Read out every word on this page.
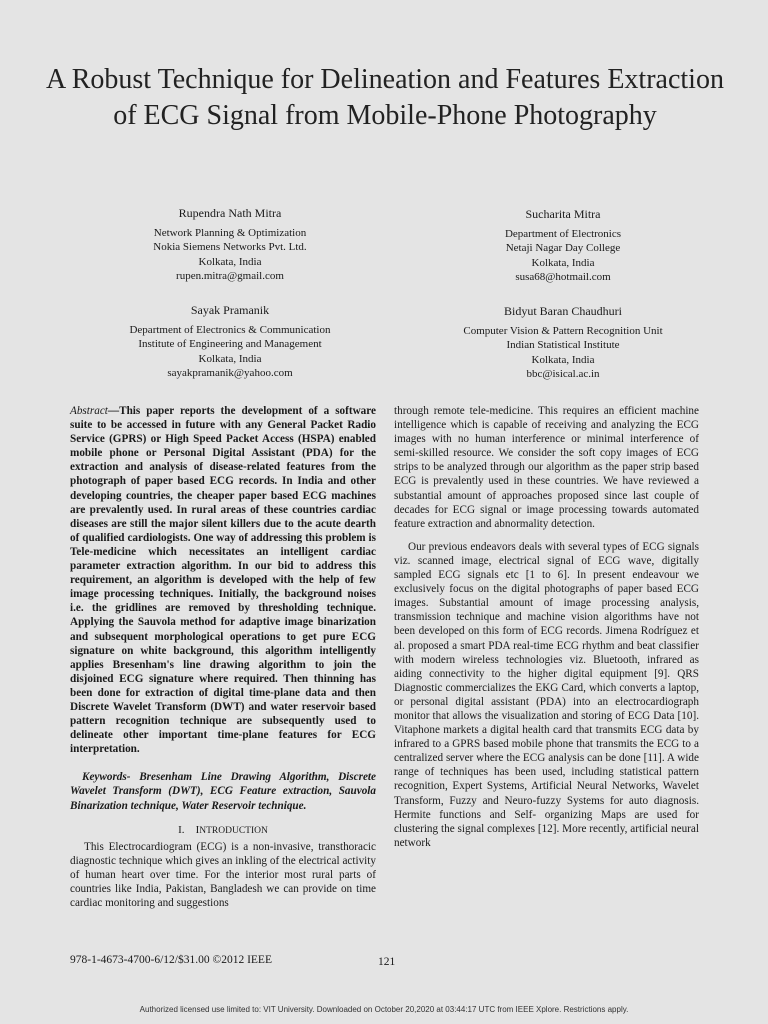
A Robust Technique for Delineation and Features Extraction of ECG Signal from Mobile-Phone Photography
Rupendra Nath Mitra
Network Planning & Optimization
Nokia Siemens Networks Pvt. Ltd.
Kolkata, India
rupen.mitra@gmail.com
Sucharita Mitra
Department of Electronics
Netaji Nagar Day College
Kolkata, India
susa68@hotmail.com
Sayak Pramanik
Department of Electronics & Communication
Institute of Engineering and Management
Kolkata, India
sayakpramanik@yahoo.com
Bidyut Baran Chaudhuri
Computer Vision & Pattern Recognition Unit
Indian Statistical Institute
Kolkata, India
bbc@isical.ac.in

Abstract—This paper reports the development of a software suite to be accessed in future with any General Packet Radio Service (GPRS) or High Speed Packet Access (HSPA) enabled mobile phone or Personal Digital Assistant (PDA) for the extraction and analysis of disease-related features from the photograph of paper based ECG records. In India and other developing countries, the cheaper paper based ECG machines are prevalently used. In rural areas of these countries cardiac diseases are still the major silent killers due to the acute dearth of qualified cardiologists. One way of addressing this problem is Tele-medicine which necessitates an intelligent cardiac parameter extraction algorithm. In our bid to address this requirement, an algorithm is developed with the help of few image processing techniques. Initially, the background noises i.e. the gridlines are removed by thresholding technique. Applying the Sauvola method for adaptive image binarization and subsequent morphological operations to get pure ECG signature on white background, this algorithm intelligently applies Bresenham's line drawing algorithm to join the disjoined ECG signature where required. Then thinning has been done for extraction of digital time-plane data and then Discrete Wavelet Transform (DWT) and water reservoir based pattern recognition technique are subsequently used to delineate other important time-plane features for ECG interpretation.

Keywords- Bresenham Line Drawing Algorithm, Discrete Wavelet Transform (DWT), ECG Feature extraction, Sauvola Binarization technique, Water Reservoir technique.

I.  INTRODUCTION

This Electrocardiogram (ECG) is a non-invasive, transthoracic diagnostic technique which gives an inkling of the electrical activity of human heart over time. For the interior most rural parts of countries like India, Pakistan, Bangladesh we can provide on time cardiac monitoring and suggestions

through remote tele-medicine. This requires an efficient machine intelligence which is capable of receiving and analyzing the ECG images with no human interference or minimal interference of semi-skilled resource. We consider the soft copy images of ECG strips to be analyzed through our algorithm as the paper strip based ECG is prevalently used in these countries. We have reviewed a substantial amount of approaches proposed since last couple of decades for ECG signal or image processing towards automated feature extraction and abnormality detection.

Our previous endeavors deals with several types of ECG signals viz. scanned image, electrical signal of ECG wave, digitally sampled ECG signals etc [1 to 6]. In present endeavour we exclusively focus on the digital photographs of paper based ECG images. Substantial amount of image processing analysis, transmission technique and machine vision algorithms have not been developed on this form of ECG records. Jimena Rodríguez et al. proposed a smart PDA real-time ECG rhythm and beat classifier with modern wireless technologies viz. Bluetooth, infrared as aiding connectivity to the higher digital equipment [9]. QRS Diagnostic commercializes the EKG Card, which converts a laptop, or personal digital assistant (PDA) into an electrocardiograph monitor that allows the visualization and storing of ECG Data [10]. Vitaphone markets a digital health card that transmits ECG data by infrared to a GPRS based mobile phone that transmits the ECG to a centralized server where the ECG analysis can be done [11]. A wide range of techniques has been used, including statistical pattern recognition, Expert Systems, Artificial Neural Networks, Wavelet Transform, Fuzzy and Neuro-fuzzy Systems for auto diagnosis. Hermite functions and Self- organizing Maps are used for clustering the signal complexes [12]. More recently, artificial neural network

978-1-4673-4700-6/12/$31.00 ©2012 IEEE	121
Authorized licensed use limited to: VIT University. Downloaded on October 20,2020 at 03:44:17 UTC from IEEE Xplore. Restrictions apply.
